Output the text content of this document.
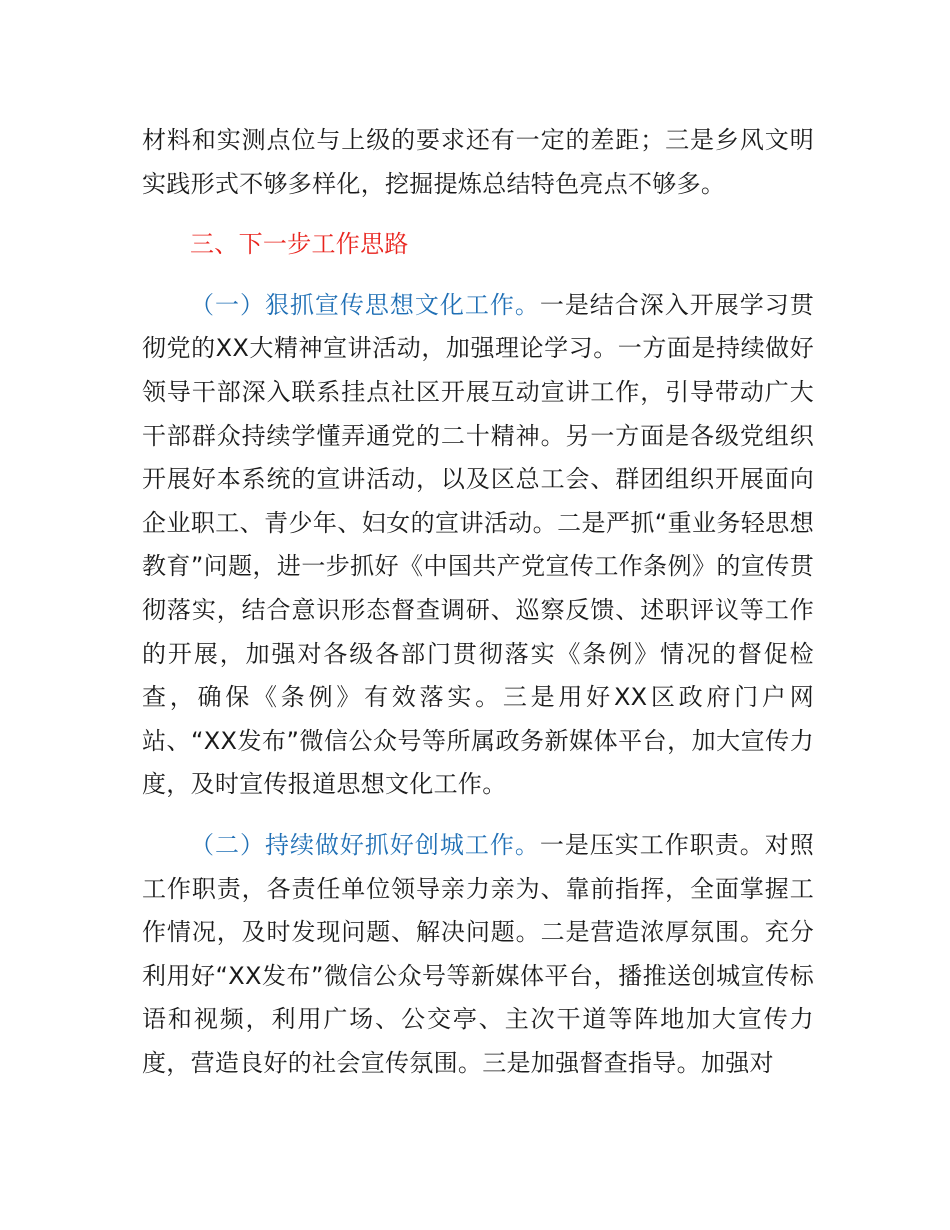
材料和实测点位与上级的要求还有一定的差距；三是乡风文明实践形式不够多样化，挖掘提炼总结特色亮点不够多。

三、下一步工作思路

（一）狠抓宣传思想文化工作。一是结合深入开展学习贯彻党的XX大精神宣讲活动，加强理论学习。一方面是持续做好领导干部深入联系挂点社区开展互动宣讲工作，引导带动广大干部群众持续学懂弄通党的二十精神。另一方面是各级党组织开展好本系统的宣讲活动，以及区总工会、群团组织开展面向企业职工、青少年、妇女的宣讲活动。二是严抓“重业务轻思想教育”问题，进一步抓好《中国共产党宣传工作条例》的宣传贯彻落实，结合意识形态督查调研、巡察反馈、述职评议等工作的开展，加强对各级各部门贯彻落实《条例》情况的督促检查，确保《条例》有效落实。三是用好XX区政府门户网站、“XX发布”微信公众号等所属政务新媒体平台，加大宣传力度，及时宣传报道思想文化工作。

（二）持续做好抓好创城工作。一是压实工作职责。对照工作职责，各责任单位领导亲力亲为、靠前指挥，全面掌握工作情况，及时发现问题、解决问题。二是营造浓厚氛围。充分利用好“XX发布”微信公众号等新媒体平台，播推送创城宣传标语和视频，利用广场、公交亭、主次干道等阵地加大宣传力度，营造良好的社会宣传氛围。三是加强督查指导。加强对
